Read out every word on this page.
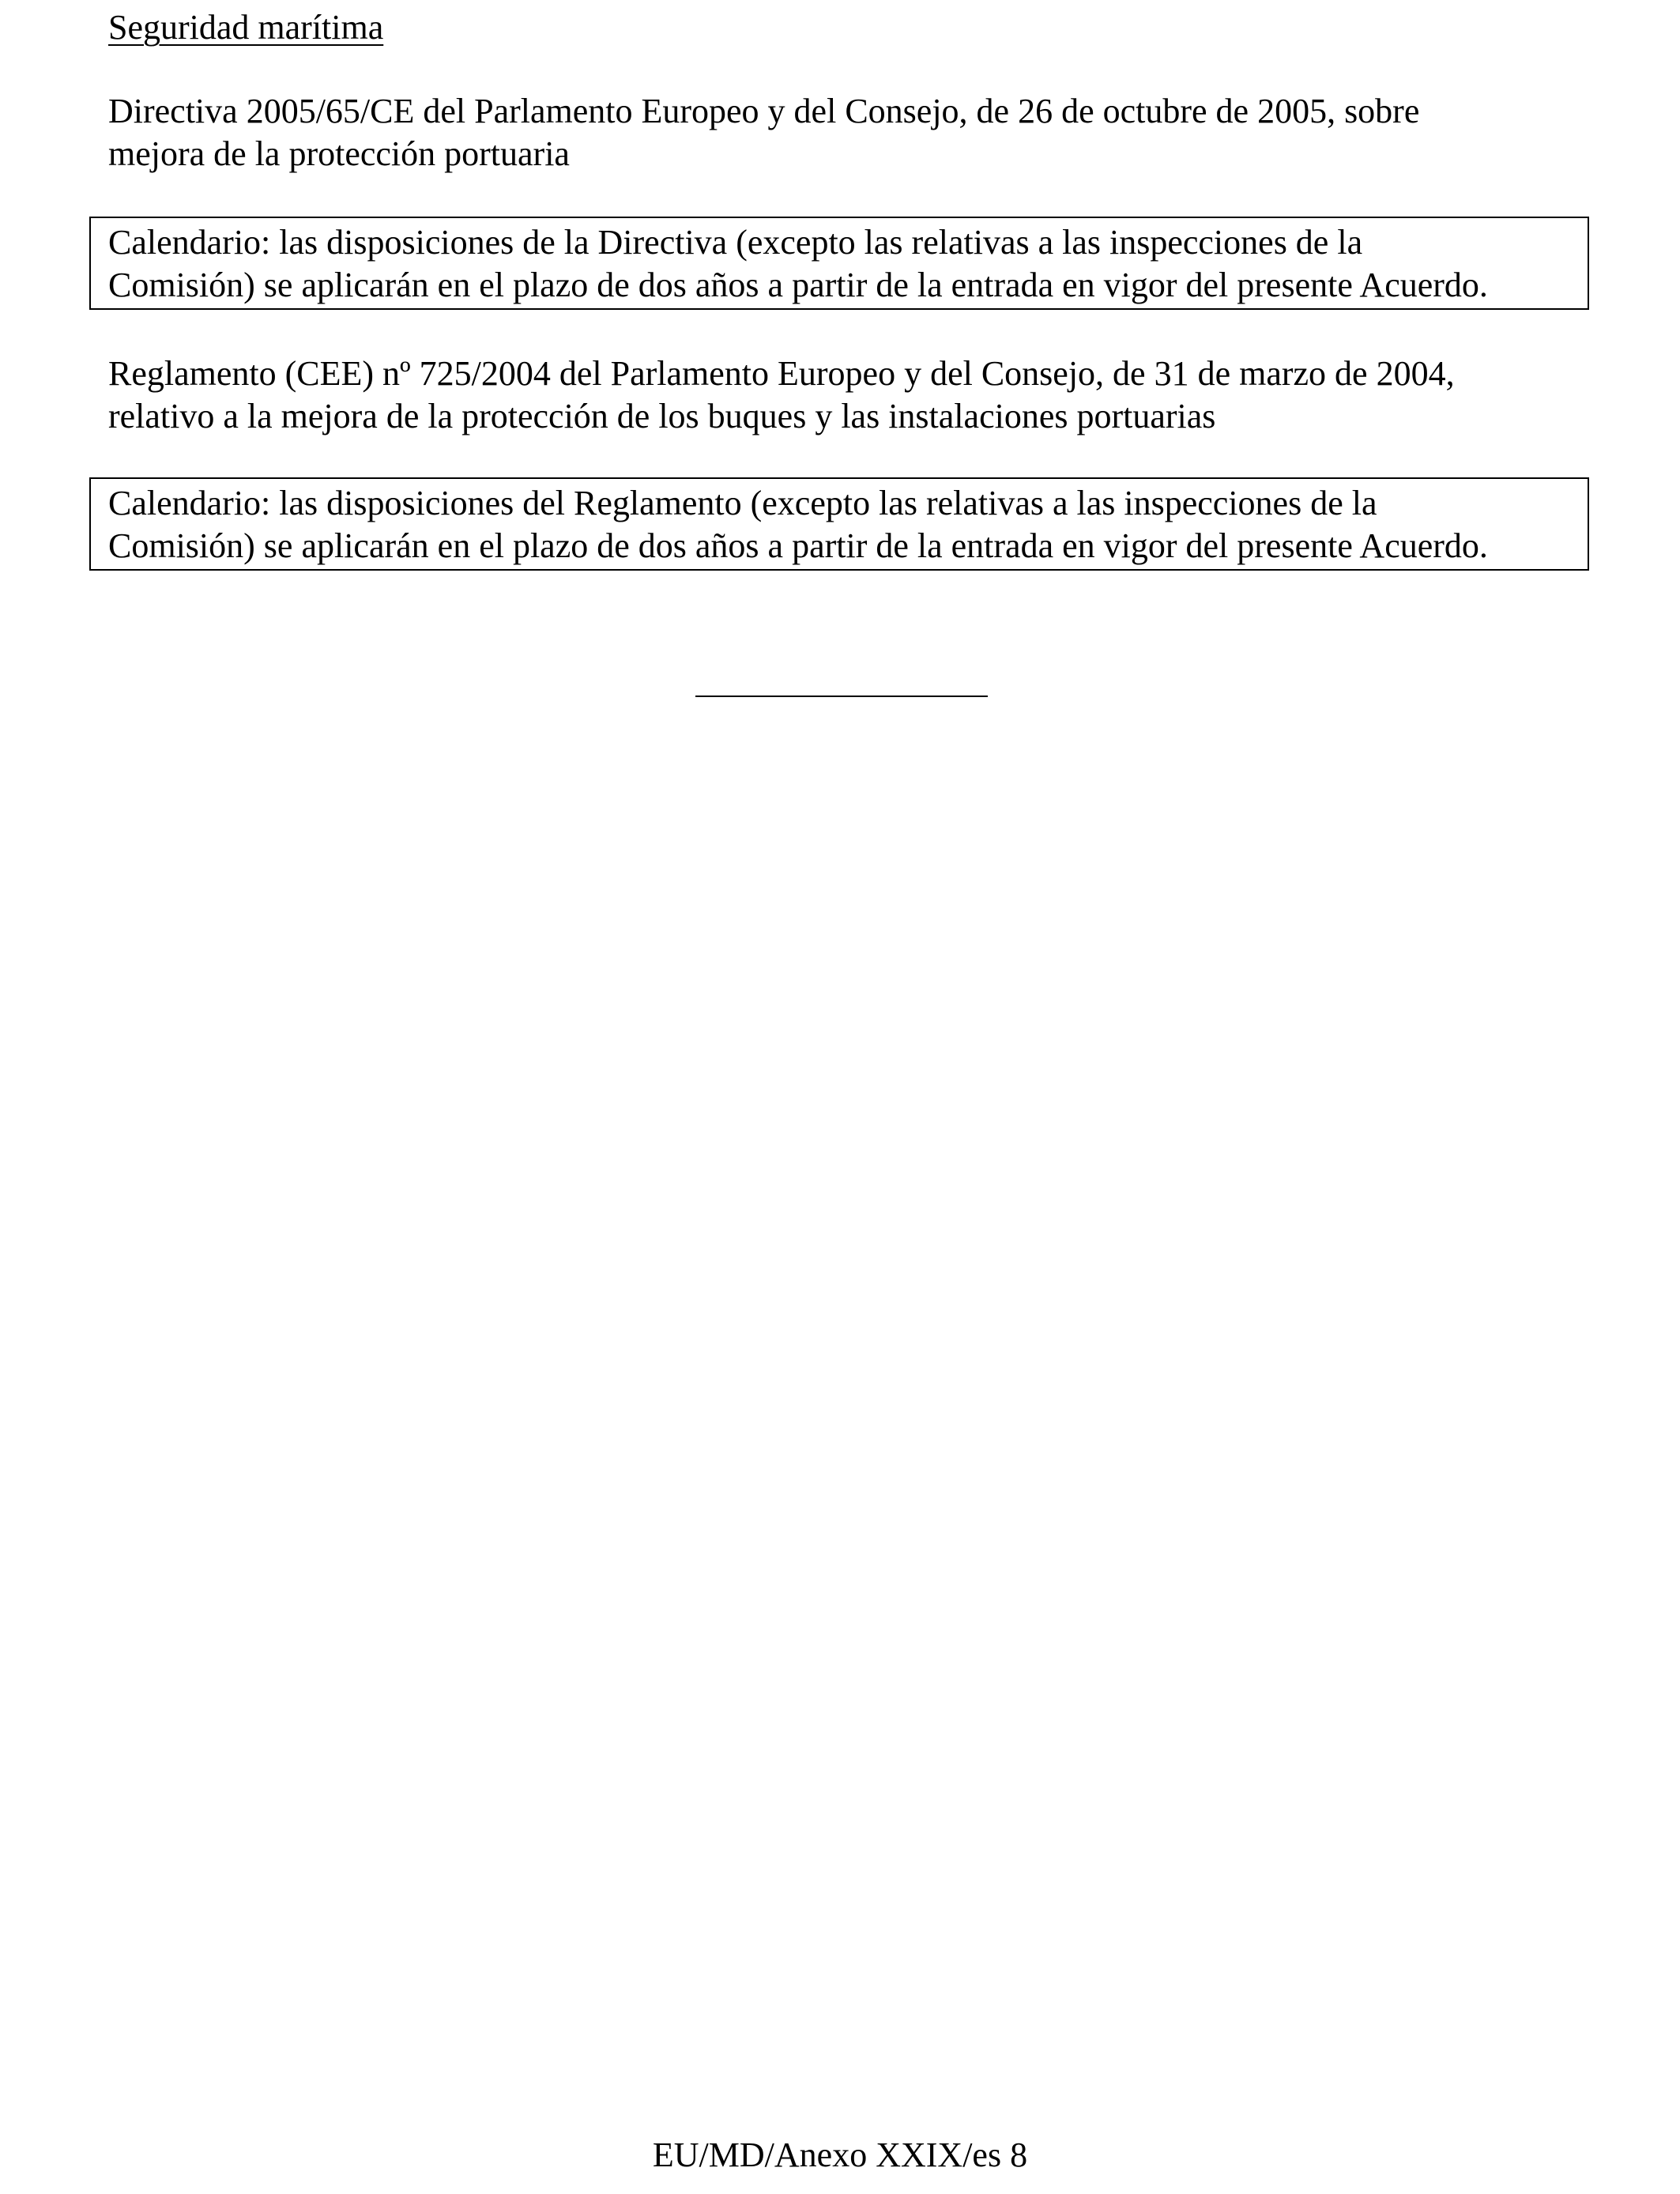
Seguridad marítima
Directiva 2005/65/CE del Parlamento Europeo y del Consejo, de 26 de octubre de 2005, sobre
mejora de la protección portuaria
Calendario: las disposiciones de la Directiva (excepto las relativas a las inspecciones de la
Comisión) se aplicarán en el plazo de dos años a partir de la entrada en vigor del presente Acuerdo.
Reglamento (CEE) nº 725/2004 del Parlamento Europeo y del Consejo, de 31 de marzo de 2004,
relativo a la mejora de la protección de los buques y las instalaciones portuarias
Calendario: las disposiciones del Reglamento (excepto las relativas a las inspecciones de la
Comisión) se aplicarán en el plazo de dos años a partir de la entrada en vigor del presente Acuerdo.
EU/MD/Anexo XXIX/es 8
